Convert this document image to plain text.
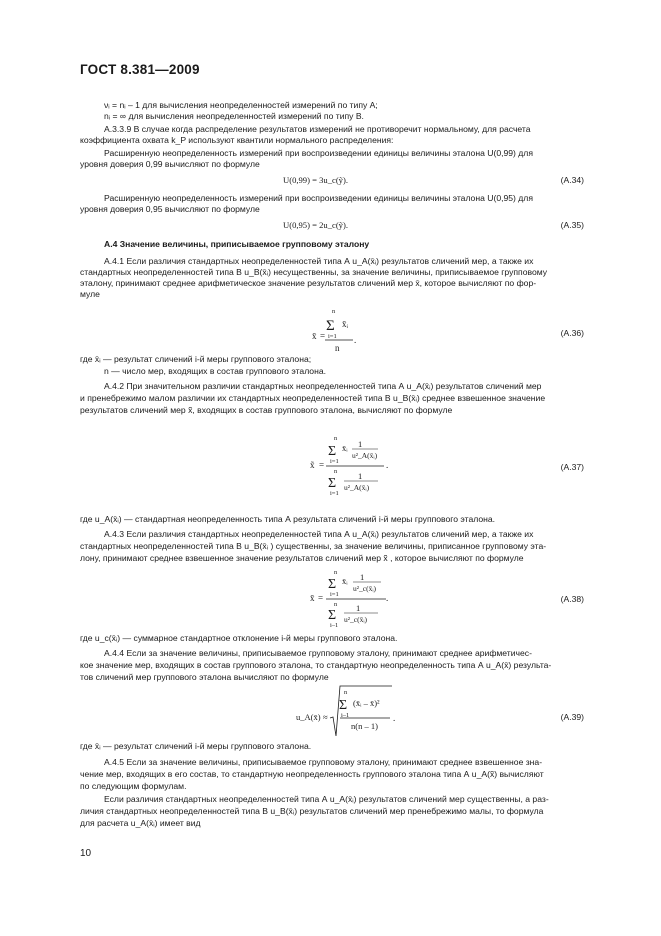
ГОСТ 8.381—2009
νᵢ = nᵢ – 1 для вычисления неопределенностей измерений по типу А;
nᵢ = ∞ для вычисления неопределенностей измерений по типу В.
А.3.3.9 В случае когда распределение результатов измерений не противоречит нормальному, для расчета
коэффициента охвата k_P используют квантили нормального распределения:
Расширенную неопределенность измерений при воспроизведении единицы величины эталона U(0,99) для
уровня доверия 0,99 вычисляют по формуле
U(0,99) = 3u_c(ỹ).	(А.34)
Расширенную неопределенность измерений при воспроизведении единицы величины эталона U(0,95) для
уровня доверия 0,95 вычисляют по формуле
U(0,95) = 2u_c(ỹ).	(А.35)
А.4 Значение величины, приписываемое групповому эталону
А.4.1 Если различия стандартных неопределенностей типа А u_A(x̄ᵢ) результатов сличений мер, а также их
стандартных неопределенностей типа В u_B(x̄ᵢ) несущественны, за значение величины, приписываемое групповому
эталону, принимают среднее арифметическое значение результатов сличений мер x̄, которое вычисляют по фор-
муле
n
Σ x̄ᵢ
i=1
x̄ =
n
.
(А.36)
где x̄ᵢ — результат сличений i-й меры группового эталона;
n — число мер, входящих в состав группового эталона.
А.4.2 При значительном различии стандартных неопределенностей типа А u_A(x̄ᵢ) результатов сличений мер
и пренебрежимо малом различии их стандартных неопределенностей типа В u_B(x̄ᵢ) среднее взвешенное значение
результатов сличений мер x̃, входящих в состав группового эталона, вычисляют по формуле
n
Σ x̄ᵢ 1
u²_A(x̄ᵢ)
i=1
x̃ =
n
Σ	1
u²_A(x̄ᵢ)
i=1
.	(А.37)
где u_A(x̄ᵢ) — стандартная неопределенность типа А результата сличений i-й меры группового эталона.
А.4.3 Если различия стандартных неопределенностей типа А u_A(x̄ᵢ) результатов сличений мер, а также их
стандартных неопределенностей типа В u_B(x̄ᵢ ) существенны, за значение величины, приписанное групповому эта-
лону, принимают среднее взвешенное значение результатов сличений мер x̃ , которое вычисляют по формуле
n
Σ x̄ᵢ 1
u²_c(x̄ᵢ)
i=1
x̄ =
n
Σ 1
u²_c(x̄ᵢ)
i–1
.	(А.38)
где u_c(x̄ᵢ) — суммарное стандартное отклонение i-й меры группового эталона.
А.4.4 Если за значение величины, приписываемое групповому эталону, принимают среднее арифметичес-
кое значение мер, входящих в состав группового эталона, то стандартную неопределенность типа А u_A(x̄) результа-
тов сличений мер группового эталона вычисляют по формуле
u_A(x̄) ≈
n
Σ (x̄ᵢ – x̄)²
i–1
n(n – 1)
.	(А.39)
где x̄ᵢ — результат сличений i-й меры группового эталона.
А.4.5 Если за значение величины, приписываемое групповому эталону, принимают среднее взвешенное зна-
чение мер, входящих в его состав, то стандартную неопределенность группового эталона типа А u_A(x̃) вычисляют
по следующим формулам.
Если различия стандартных неопределенностей типа А u_A(x̄ᵢ) результатов сличений мер существенны, а раз-
личия стандартных неопределенностей типа В u_B(x̄ᵢ) результатов сличений мер пренебрежимо малы, то формула
для расчета u_A(x̄ᵢ) имеет вид
10
